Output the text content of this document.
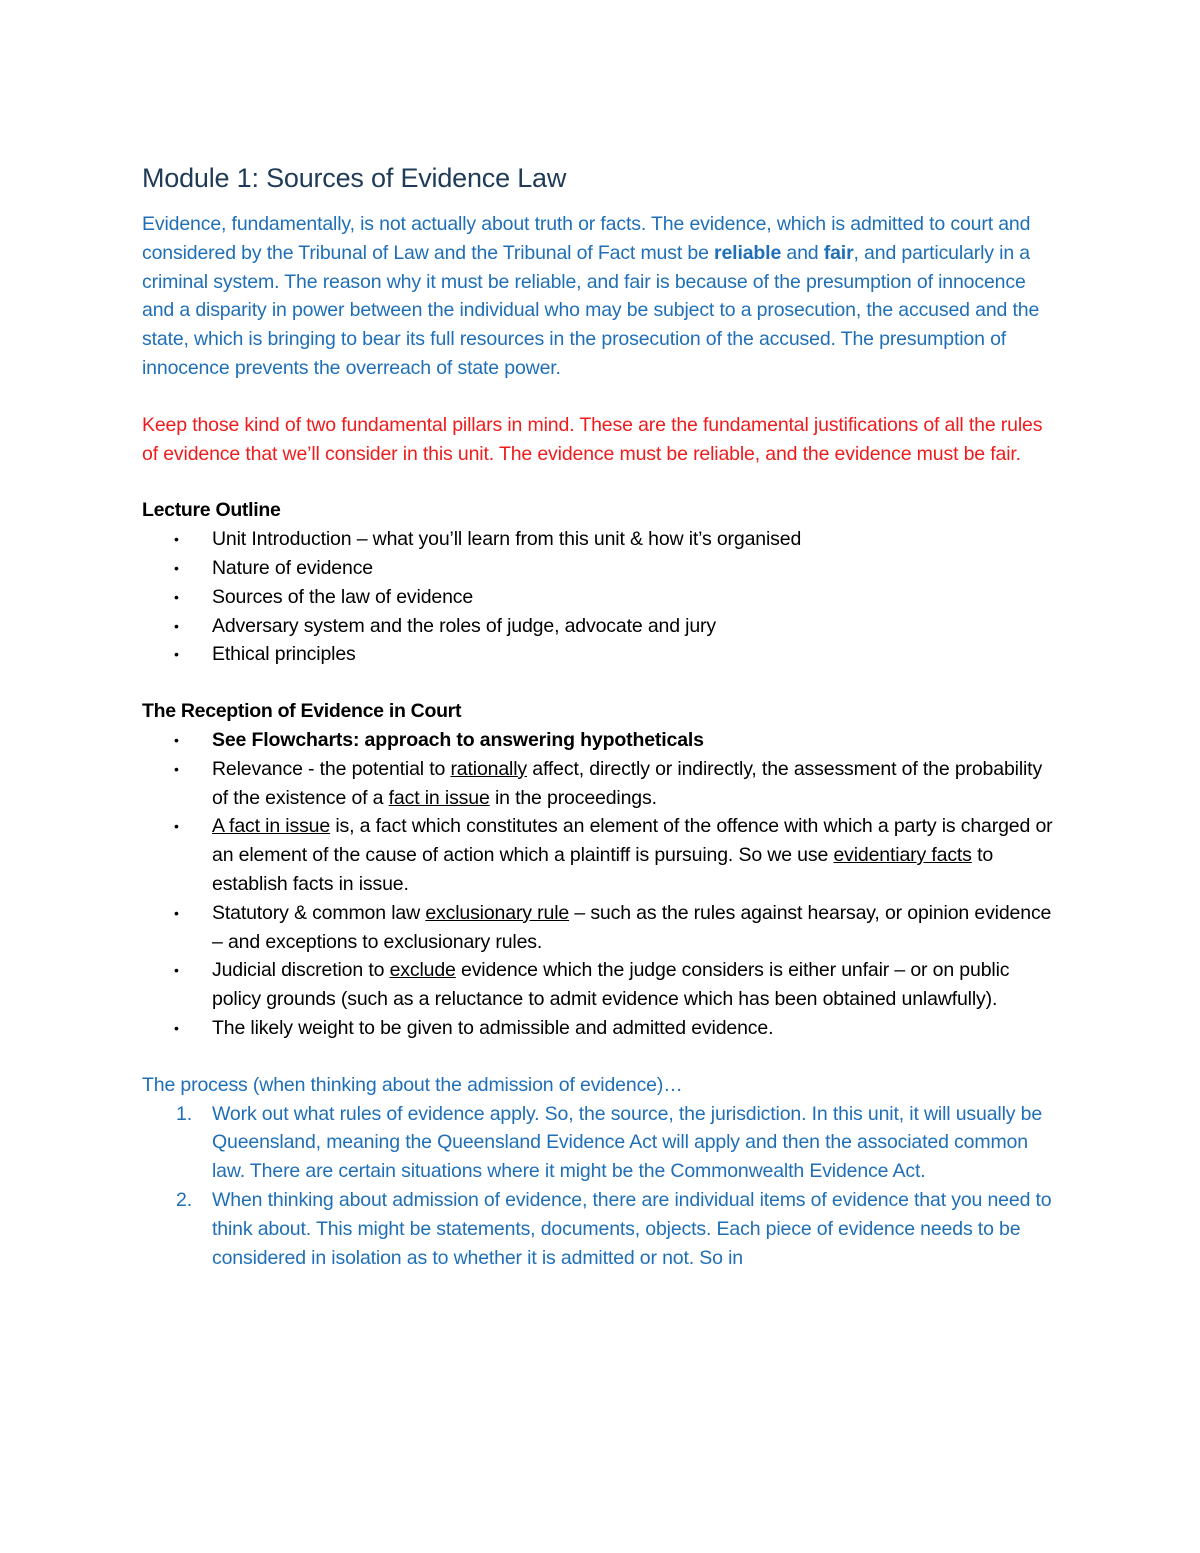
Module 1: Sources of Evidence Law

Evidence, fundamentally, is not actually about truth or facts. The evidence, which is admitted to court and considered by the Tribunal of Law and the Tribunal of Fact must be reliable and fair, and particularly in a criminal system. The reason why it must be reliable, and fair is because of the presumption of innocence and a disparity in power between the individual who may be subject to a prosecution, the accused and the state, which is bringing to bear its full resources in the prosecution of the accused. The presumption of innocence prevents the overreach of state power.

Keep those kind of two fundamental pillars in mind. These are the fundamental justifications of all the rules of evidence that we’ll consider in this unit. The evidence must be reliable, and the evidence must be fair.

Lecture Outline
• Unit Introduction – what you’ll learn from this unit & how it’s organised
• Nature of evidence
• Sources of the law of evidence
• Adversary system and the roles of judge, advocate and jury
• Ethical principles
The Reception of Evidence in Court
• See Flowcharts: approach to answering hypotheticals
• Relevance - the potential to rationally affect, directly or indirectly, the assessment of the probability of the existence of a fact in issue in the proceedings.
• A fact in issue is, a fact which constitutes an element of the offence with which a party is charged or an element of the cause of action which a plaintiff is pursuing. So we use evidentiary facts to establish facts in issue.
• Statutory & common law exclusionary rule – such as the rules against hearsay, or opinion evidence – and exceptions to exclusionary rules.
• Judicial discretion to exclude evidence which the judge considers is either unfair – or on public policy grounds (such as a reluctance to admit evidence which has been obtained unlawfully).
• The likely weight to be given to admissible and admitted evidence.

The process (when thinking about the admission of evidence)…

1. Work out what rules of evidence apply. So, the source, the jurisdiction. In this unit, it will usually be Queensland, meaning the Queensland Evidence Act will apply and then the associated common law. There are certain situations where it might be the Commonwealth Evidence Act.
2. When thinking about admission of evidence, there are individual items of evidence that you need to think about. This might be statements, documents, objects. Each piece of evidence needs to be considered in isolation as to whether it is admitted or not. So in
